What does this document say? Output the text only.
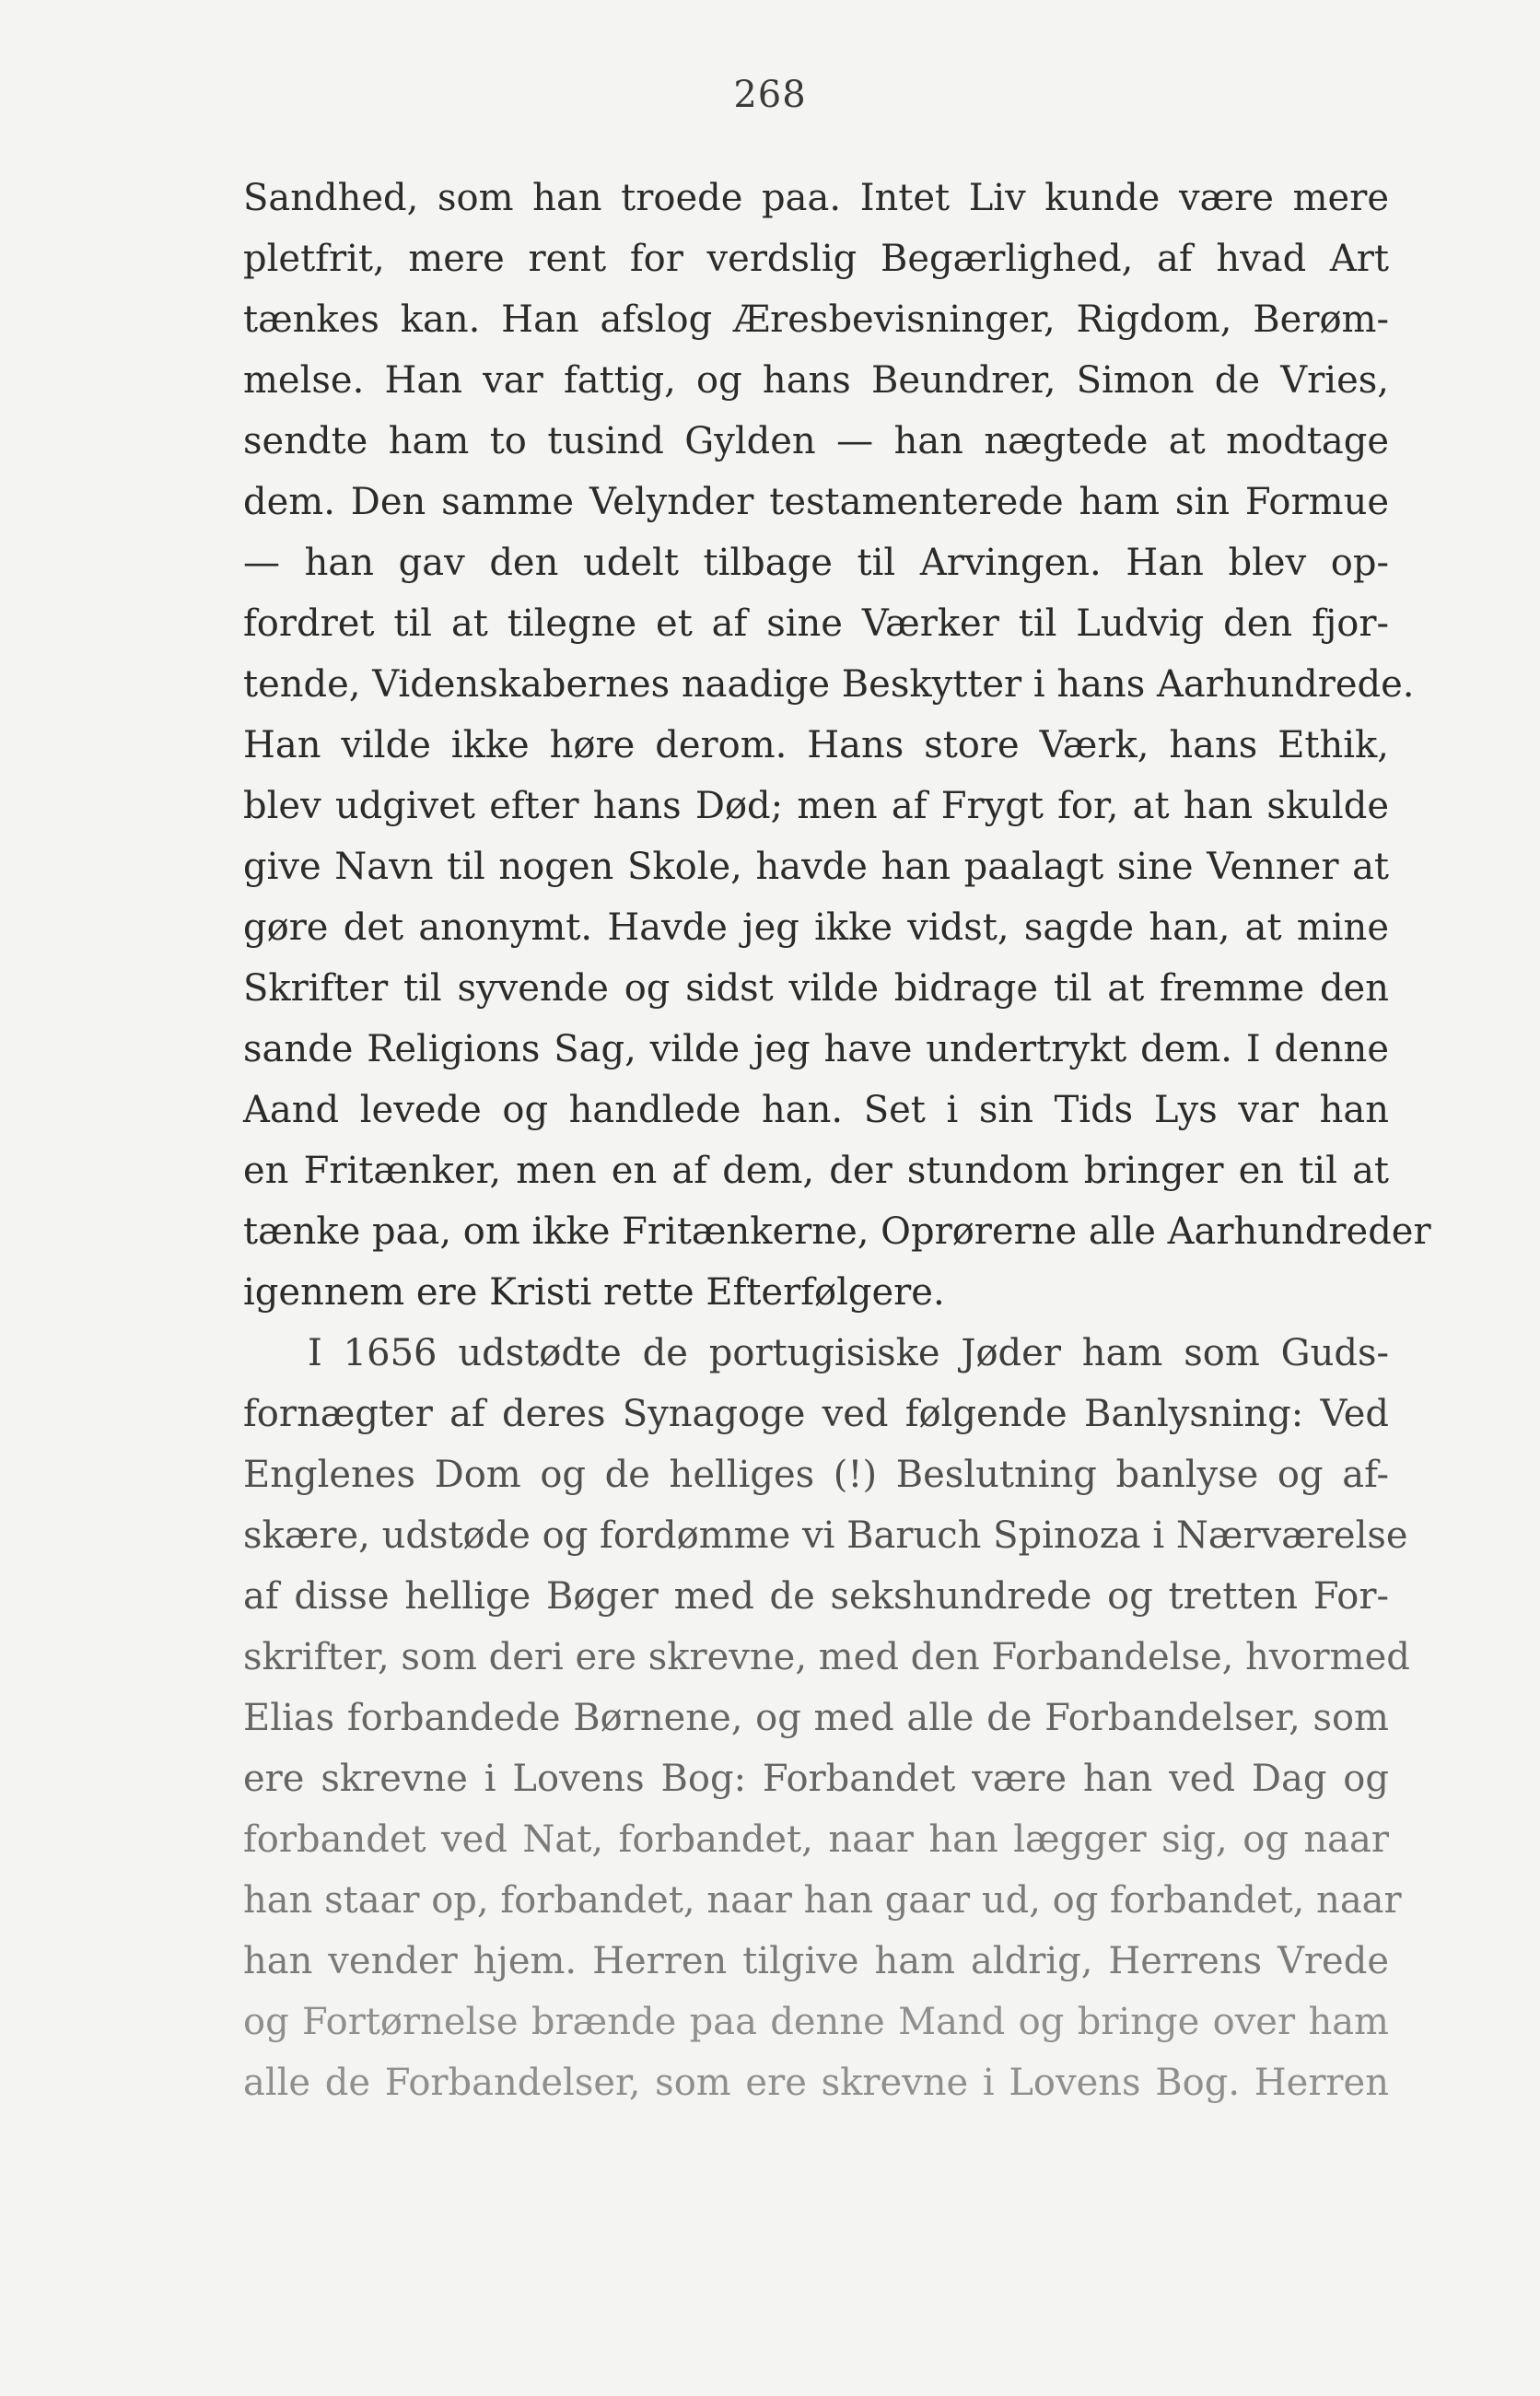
268
Sandhed, som han troede paa. Intet Liv kunde være mere
pletfrit, mere rent for verdslig Begærlighed, af hvad Art
tænkes kan. Han afslog Æresbevisninger, Rigdom, Berøm-
melse. Han var fattig, og hans Beundrer, Simon de Vries,
sendte ham to tusind Gylden — han nægtede at modtage
dem. Den samme Velynder testamenterede ham sin Formue
— han gav den udelt tilbage til Arvingen. Han blev op-
fordret til at tilegne et af sine Værker til Ludvig den fjor-
tende, Videnskabernes naadige Beskytter i hans Aarhundrede.
Han vilde ikke høre derom. Hans store Værk, hans Ethik,
blev udgivet efter hans Død; men af Frygt for, at han skulde
give Navn til nogen Skole, havde han paalagt sine Venner at
gøre det anonymt. Havde jeg ikke vidst, sagde han, at mine
Skrifter til syvende og sidst vilde bidrage til at fremme den
sande Religions Sag, vilde jeg have undertrykt dem. I denne
Aand levede og handlede han. Set i sin Tids Lys var han
en Fritænker, men en af dem, der stundom bringer en til at
tænke paa, om ikke Fritænkerne, Oprørerne alle Aarhundreder
igennem ere Kristi rette Efterfølgere.
I 1656 udstødte de portugisiske Jøder ham som Guds-
fornægter af deres Synagoge ved følgende Banlysning: Ved
Englenes Dom og de helliges (!) Beslutning banlyse og af-
skære, udstøde og fordømme vi Baruch Spinoza i Nærværelse
af disse hellige Bøger med de sekshundrede og tretten For-
skrifter, som deri ere skrevne, med den Forbandelse, hvormed
Elias forbandede Børnene, og med alle de Forbandelser, som
ere skrevne i Lovens Bog: Forbandet være han ved Dag og
forbandet ved Nat, forbandet, naar han lægger sig, og naar
han staar op, forbandet, naar han gaar ud, og forbandet, naar
han vender hjem. Herren tilgive ham aldrig, Herrens Vrede
og Fortørnelse brænde paa denne Mand og bringe over ham
alle de Forbandelser, som ere skrevne i Lovens Bog. Herren
